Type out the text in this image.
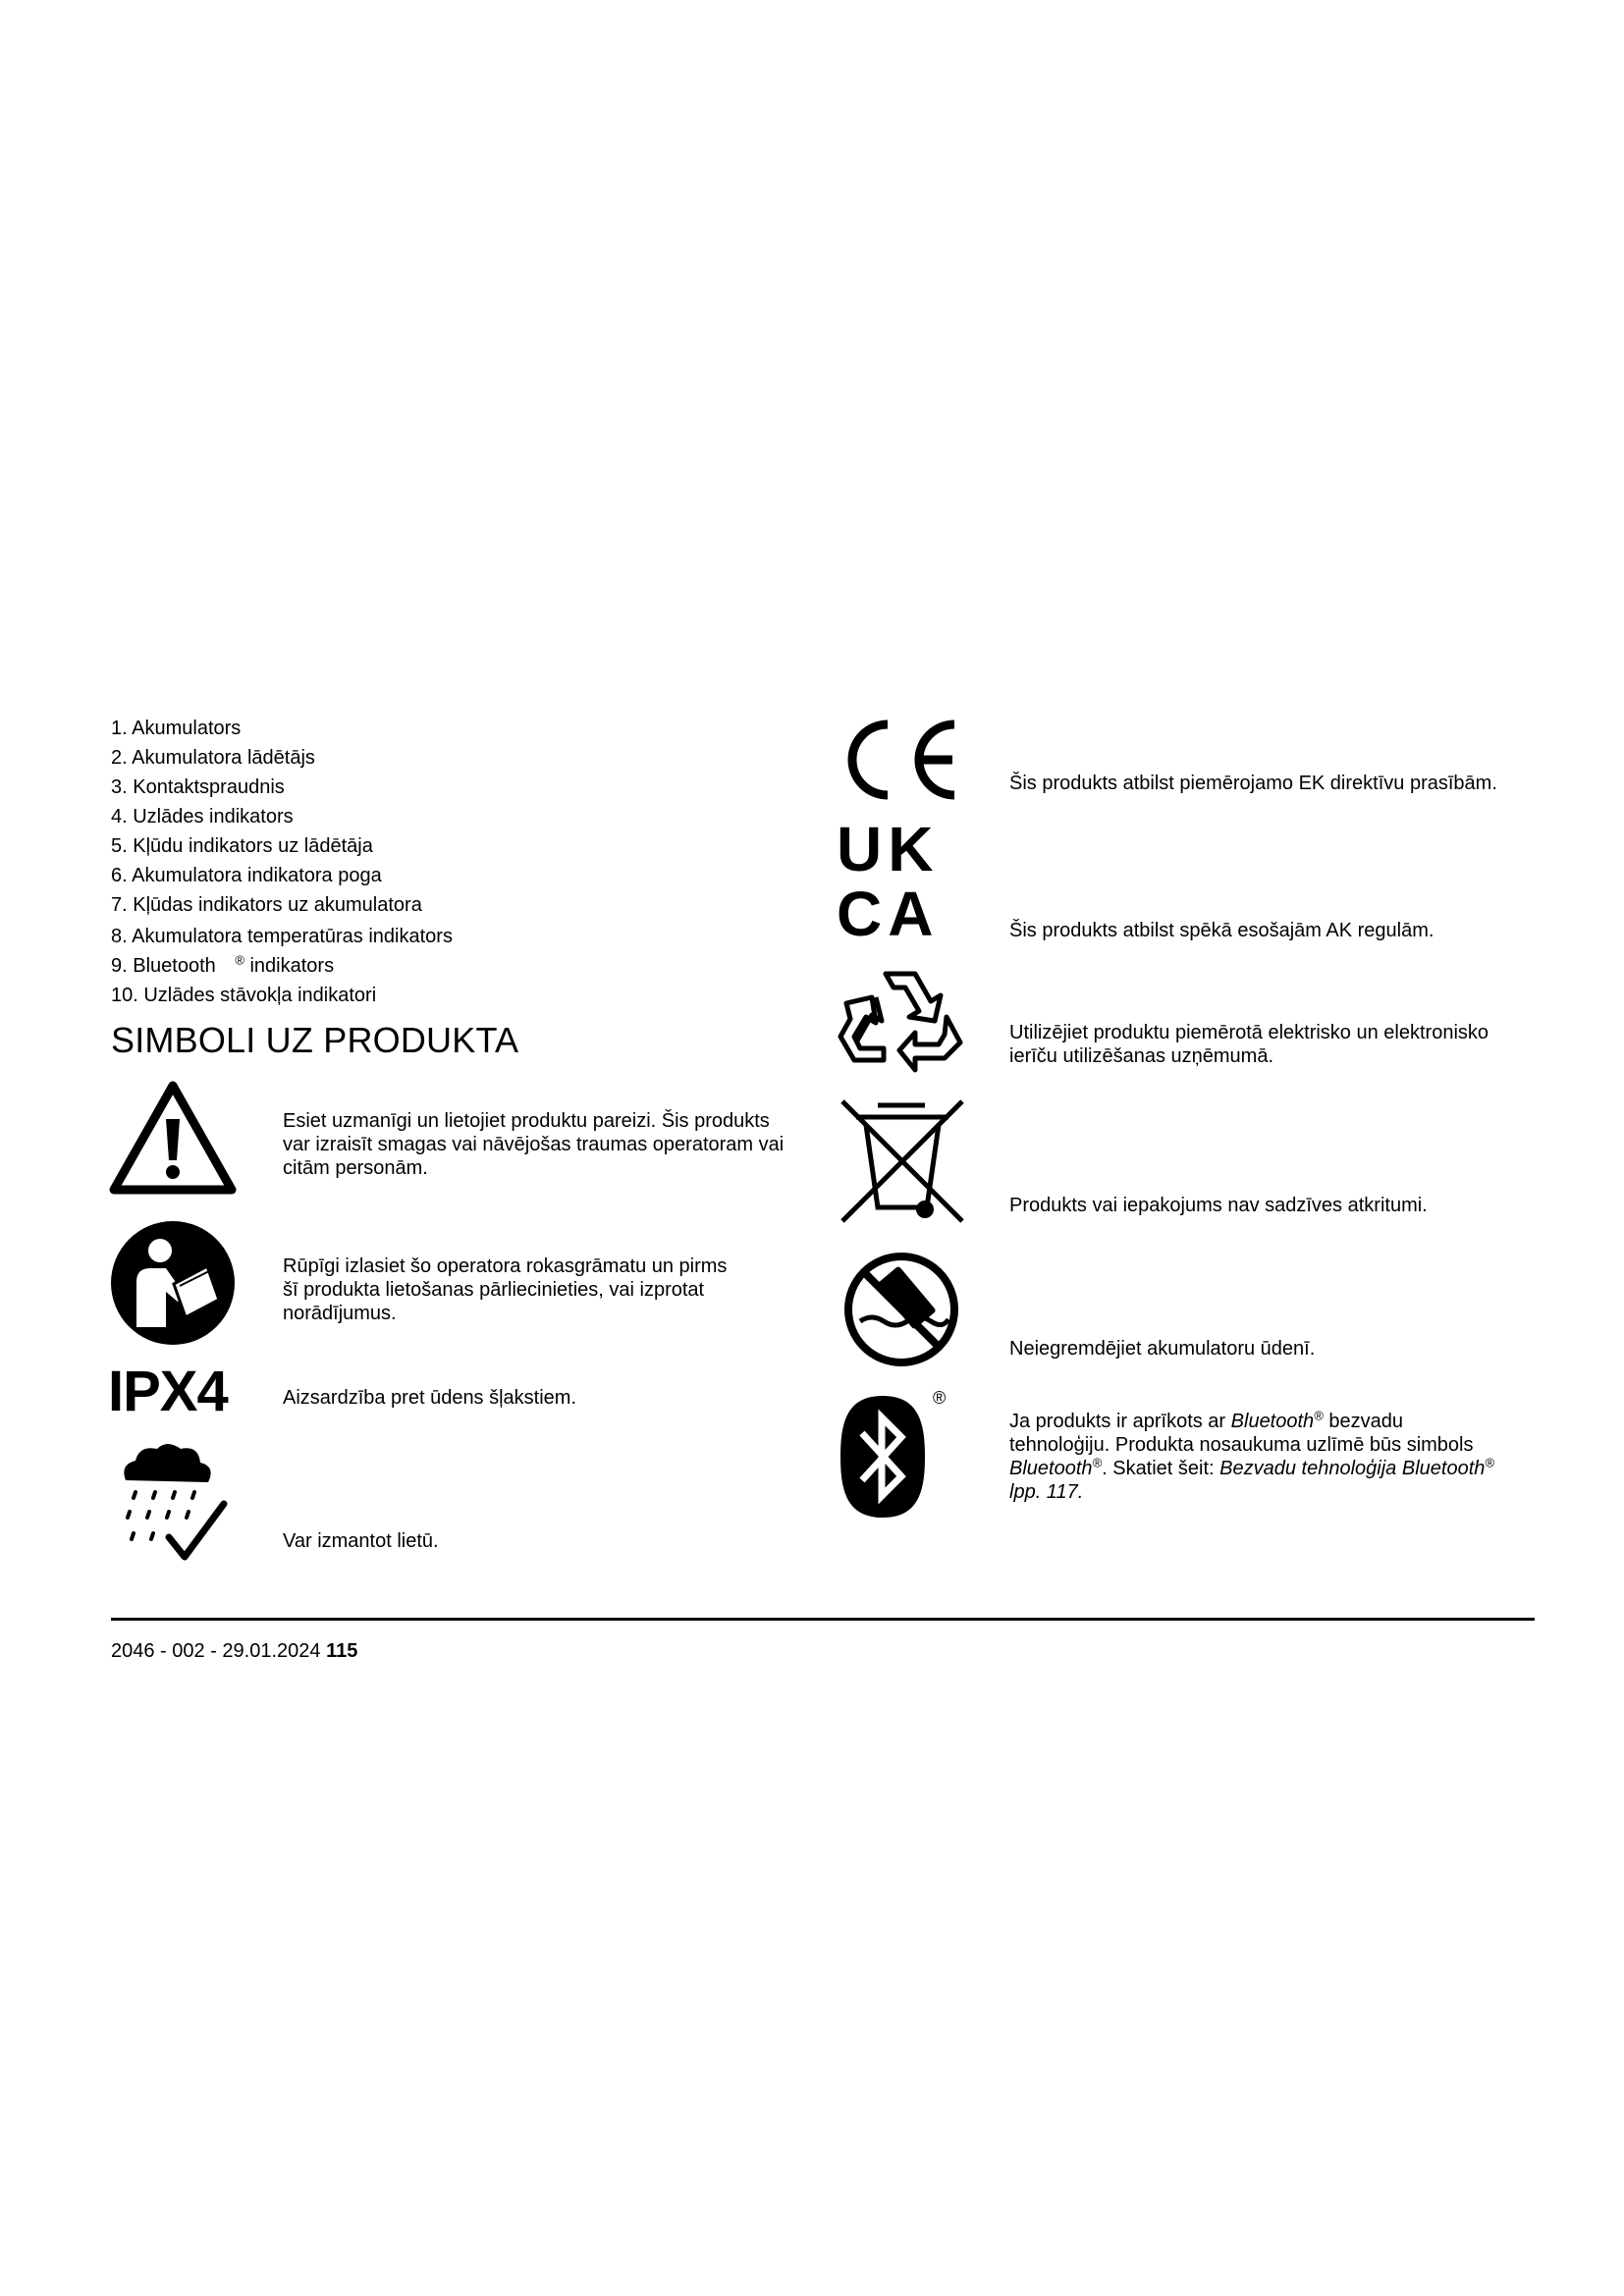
1. Akumulators
2. Akumulatora lādētājs
3. Kontaktspraudnis
4. Uzlādes indikators
5. Kļūdu indikators uz lādētāja
6. Akumulatora indikatora poga
7. Kļūdas indikators uz akumulatora
8. Akumulatora temperatūras indikators
9. Bluetooth ® indikators
10. Uzlādes stāvokļa indikatori
SIMBOLI UZ PRODUKTA
Esiet uzmanīgi un lietojiet produktu pareizi. Šis produkts
var izraisīt smagas vai nāvējošas traumas operatoram vai
citām personām.
Rūpīgi izlasiet šo operatora rokasgrāmatu un pirms
šī produkta lietošanas pārliecinieties, vai izprotat
norādījumus.
IPX4	Aizsardzība pret ūdens šļakstiem.
Var izmantot lietū.
Šis produkts atbilst piemērojamo EK direktīvu prasībām.
UK
CA	Šis produkts atbilst spēkā esošajām AK regulām.
Utilizējiet produktu piemērotā elektrisko un elektronisko
ierīču utilizēšanas uzņēmumā.
Produkts vai iepakojums nav sadzīves atkritumi.
Neiegremdējiet akumulatoru ūdenī.
®
Ja produkts ir aprīkots ar Bluetooth® bezvadu
tehnoloģiju. Produkta nosaukuma uzlīmē būs simbols
Bluetooth®. Skatiet šeit: Bezvadu tehnoloģija Bluetooth®
lpp. 117.
2046 - 002 - 29.01.2024 115
